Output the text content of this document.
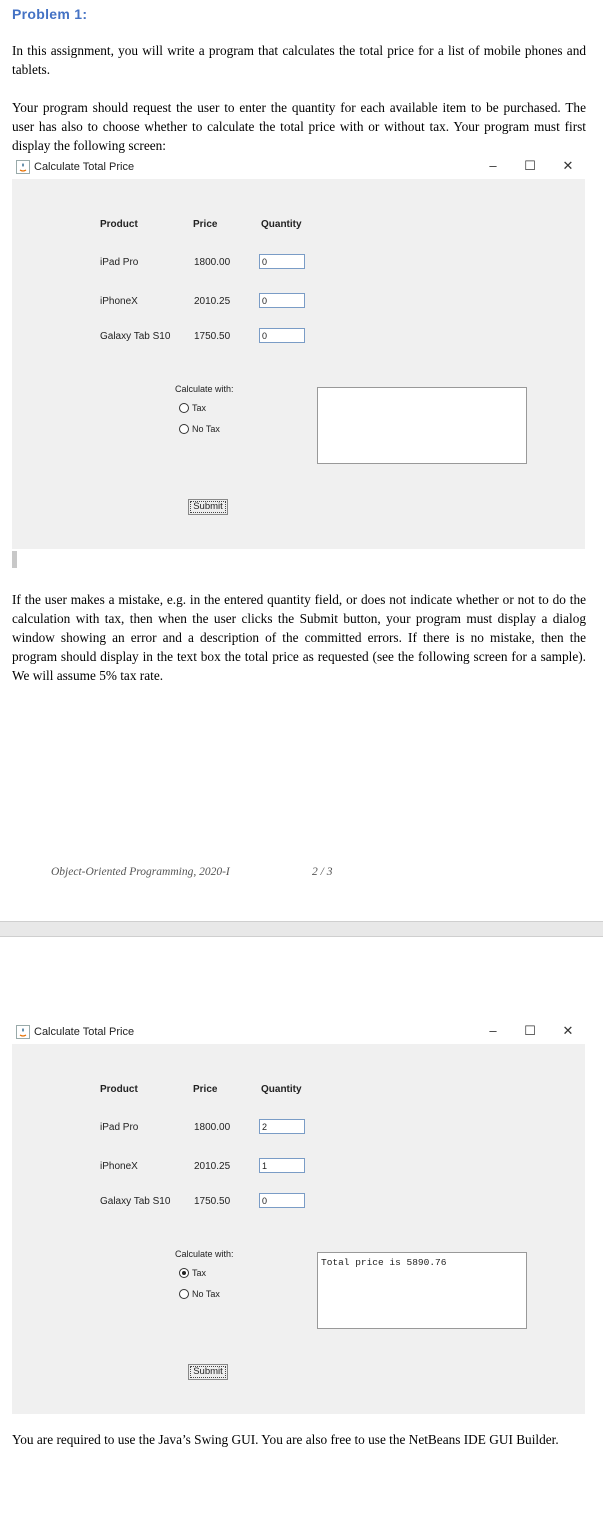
Problem 1:

In this assignment, you will write a program that calculates the total price for a list of mobile phones and tablets.

Your program should request the user to enter the quantity for each available item to be purchased. The user has also to choose whether to calculate the total price with or without tax. Your program must first display the following screen:

Calculate Total Price	–	☐	✕
Product	Price	Quantity
iPad Pro	1800.00	0
iPhoneX	2010.25	0
Galaxy Tab S10 1750.50	0
Calculate with:
Tax
No Tax
Submit

If the user makes a mistake, e.g. in the entered quantity field, or does not indicate whether or not to do the calculation with tax, then when the user clicks the Submit button, your program must display a dialog window showing an error and a description of the committed errors. If there is no mistake, then the program should display in the text box the total price as requested (see the following screen for a sample). We will assume 5% tax rate.

Object-Oriented Programming, 2020-I	2 / 3
Calculate Total Price	–	☐	✕
Product	Price	Quantity
iPad Pro	1800.00	2
iPhoneX	2010.25	1
Galaxy Tab S10 1750.50	0
Calculate with:
Tax
No Tax
Total price is 5890.76
Submit

You are required to use the Java’s Swing GUI. You are also free to use the NetBeans IDE GUI Builder.
